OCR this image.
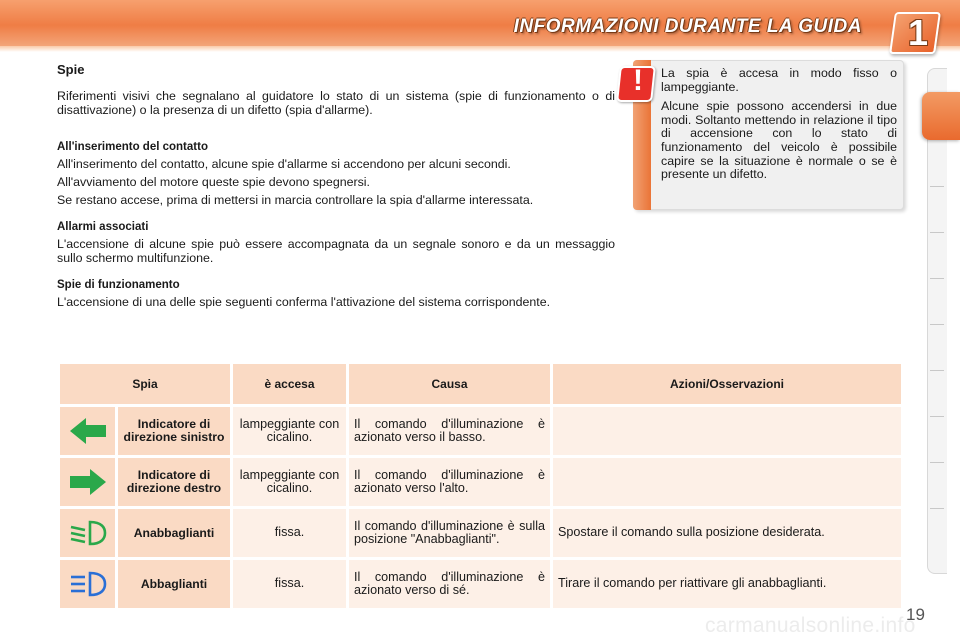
INFORMAZIONI DURANTE LA GUIDA 1
Spie

Riferimenti visivi che segnalano al guidatore lo stato di un sistema (spie di funzionamento o di disattivazione) o la presenza di un difetto (spia d'allarme).

All'inserimento del contatto

All'inserimento del contatto, alcune spie d'allarme si accendono per alcuni secondi.

All'avviamento del motore queste spie devono spegnersi.

Se restano accese, prima di mettersi in marcia controllare la spia d'allarme interessata.

Allarmi associati

L'accensione di alcune spie può essere accompagnata da un segnale sonoro e da un messaggio sullo schermo multifunzione.

Spie di funzionamento

L'accensione di una delle spie seguenti conferma l'attivazione del sistema corrispondente.

!	La spia è accesa in modo fisso o lampeggiante.

Alcune spie possono accendersi in due modi. Soltanto mettendo in relazione il tipo di accensione con lo stato di funzionamento del veicolo è possibile capire se la situazione è normale o se è presente un difetto.

Spia		è accesa	Causa	Azioni/Osservazioni
	Indicatore di direzione sinistro	lampeggiante con cicalino.	Il comando d'illuminazione è azionato verso il basso.	
	Indicatore di direzione destro	lampeggiante con cicalino.	Il comando d'illuminazione è azionato verso l'alto.	
	Anabbaglianti	fissa.	Il comando d'illuminazione è sulla posizione "Anabbaglianti".	Spostare il comando sulla posizione desiderata.
	Abbaglianti	fissa.	Il comando d'illuminazione è azionato verso di sé.	Tirare il comando per riattivare gli anabbaglianti.
carmanualsonline.info
19
